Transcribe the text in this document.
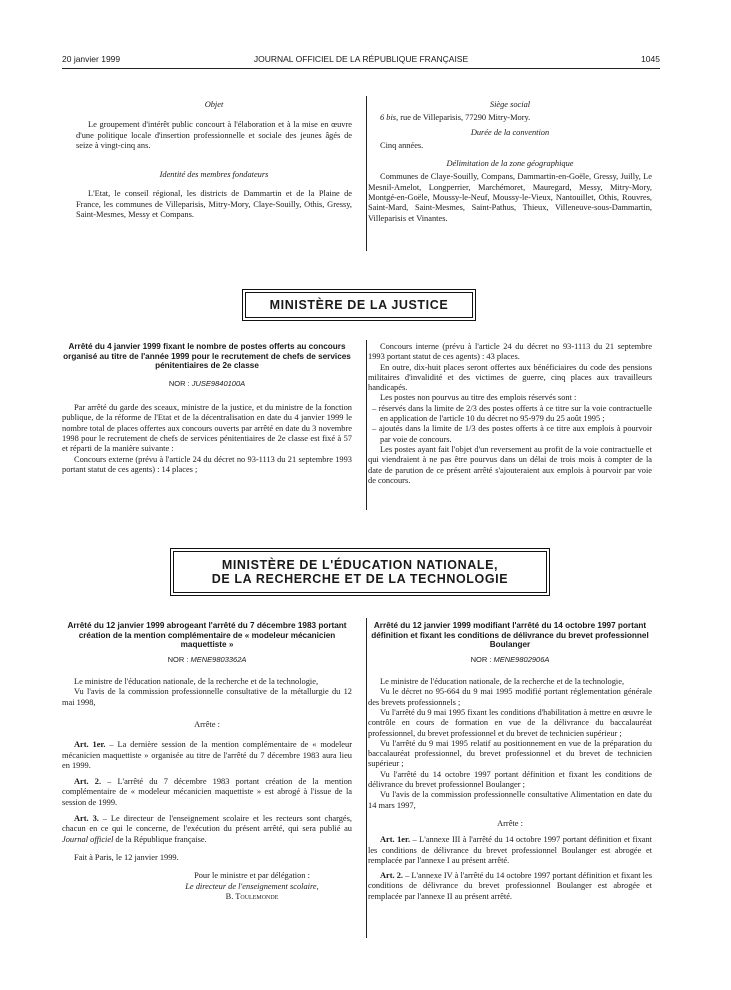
20 janvier 1999	JOURNAL OFFICIEL DE LA RÉPUBLIQUE FRANÇAISE	1045

Objet

Le groupement d'intérêt public concourt à l'élaboration et à la mise en œuvre d'une politique locale d'insertion professionnelle et sociale des jeunes âgés de seize à vingt-cinq ans.

Identité des membres fondateurs

L'Etat, le conseil régional, les districts de Dammartin et de la Plaine de France, les communes de Villeparisis, Mitry-Mory, Claye-Souilly, Othis, Gressy, Saint-Mesmes, Messy et Compans.

Siège social

6 bis, rue de Villeparisis, 77290 Mitry-Mory.

Durée de la convention

Cinq années.

Délimitation de la zone géographique

Communes de Claye-Souilly, Compans, Dammartin-en-Goële, Gressy, Juilly, Le Mesnil-Amelot, Longperrier, Marchémoret, Mauregard, Messy, Mitry-Mory, Montgé-en-Goële, Moussy-le-Neuf, Moussy-le-Vieux, Nantouillet, Othis, Rouvres, Saint-Mard, Saint-Mesmes, Saint-Pathus, Thieux, Villeneuve-sous-Dammartin, Villeparisis et Vinantes.

MINISTÈRE DE LA JUSTICE

Arrêté du 4 janvier 1999 fixant le nombre de postes offerts au concours organisé au titre de l'année 1999 pour le recrutement de chefs de services pénitentiaires de 2e classe

NOR : JUSE9840100A

Par arrêté du garde des sceaux, ministre de la justice, et du ministre de la fonction publique, de la réforme de l'Etat et de la décentralisation en date du 4 janvier 1999 le nombre total de places offertes aux concours ouverts par arrêté en date du 3 novembre 1998 pour le recrutement de chefs de services pénitentiaires de 2e classe est fixé à 57 et réparti de la manière suivante :

Concours externe (prévu à l'article 24 du décret no 93-1113 du 21 septembre 1993 portant statut de ces agents) : 14 places ;

Concours interne (prévu à l'article 24 du décret no 93-1113 du 21 septembre 1993 portant statut de ces agents) : 43 places.

En outre, dix-huit places seront offertes aux bénéficiaires du code des pensions militaires d'invalidité et des victimes de guerre, cinq places aux travailleurs handicapés.

Les postes non pourvus au titre des emplois réservés sont :

– réservés dans la limite de 2/3 des postes offerts à ce titre sur la voie contractuelle en application de l'article 10 du décret no 95-979 du 25 août 1995 ;

– ajoutés dans la limite de 1/3 des postes offerts à ce titre aux emplois à pourvoir par voie de concours.

Les postes ayant fait l'objet d'un reversement au profit de la voie contractuelle et qui viendraient à ne pas être pourvus dans un délai de trois mois à compter de la date de parution de ce présent arrêté s'ajouteraient aux emplois à pourvoir par voie de concours.

MINISTÈRE DE L'ÉDUCATION NATIONALE,
DE LA RECHERCHE ET DE LA TECHNOLOGIE

Arrêté du 12 janvier 1999 abrogeant l'arrêté du 7 décembre 1983 portant création de la mention complémentaire de « modeleur mécanicien maquettiste »

NOR : MENE9803362A

Le ministre de l'éducation nationale, de la recherche et de la technologie,

Vu l'avis de la commission professionnelle consultative de la métallurgie du 12 mai 1998,

Arrête :

Art. 1er. – La dernière session de la mention complémentaire de « modeleur mécanicien maquettiste » organisée au titre de l'arrêté du 7 décembre 1983 aura lieu en 1999.

Art. 2. – L'arrêté du 7 décembre 1983 portant création de la mention complémentaire de « modeleur mécanicien maquettiste » est abrogé à l'issue de la session de 1999.

Art. 3. – Le directeur de l'enseignement scolaire et les recteurs sont chargés, chacun en ce qui le concerne, de l'exécution du présent arrêté, qui sera publié au Journal officiel de la République française.

Fait à Paris, le 12 janvier 1999.

Pour le ministre et par délégation :

Le directeur de l'enseignement scolaire,

B. Toulemonde

Arrêté du 12 janvier 1999 modifiant l'arrêté du 14 octobre 1997 portant définition et fixant les conditions de délivrance du brevet professionnel Boulanger

NOR : MENE9802906A

Le ministre de l'éducation nationale, de la recherche et de la technologie,

Vu le décret no 95-664 du 9 mai 1995 modifié portant réglementation générale des brevets professionnels ;

Vu l'arrêté du 9 mai 1995 fixant les conditions d'habilitation à mettre en œuvre le contrôle en cours de formation en vue de la délivrance du baccalauréat professionnel, du brevet professionnel et du brevet de technicien supérieur ;

Vu l'arrêté du 9 mai 1995 relatif au positionnement en vue de la préparation du baccalauréat professionnel, du brevet professionnel et du brevet de technicien supérieur ;

Vu l'arrêté du 14 octobre 1997 portant définition et fixant les conditions de délivrance du brevet professionnel Boulanger ;

Vu l'avis de la commission professionnelle consultative Alimentation en date du 14 mars 1997,

Arrête :

Art. 1er. – L'annexe III à l'arrêté du 14 octobre 1997 portant définition et fixant les conditions de délivrance du brevet professionnel Boulanger est abrogée et remplacée par l'annexe I au présent arrêté.

Art. 2. – L'annexe IV à l'arrêté du 14 octobre 1997 portant définition et fixant les conditions de délivrance du brevet professionnel Boulanger est abrogée et remplacée par l'annexe II au présent arrêté.
